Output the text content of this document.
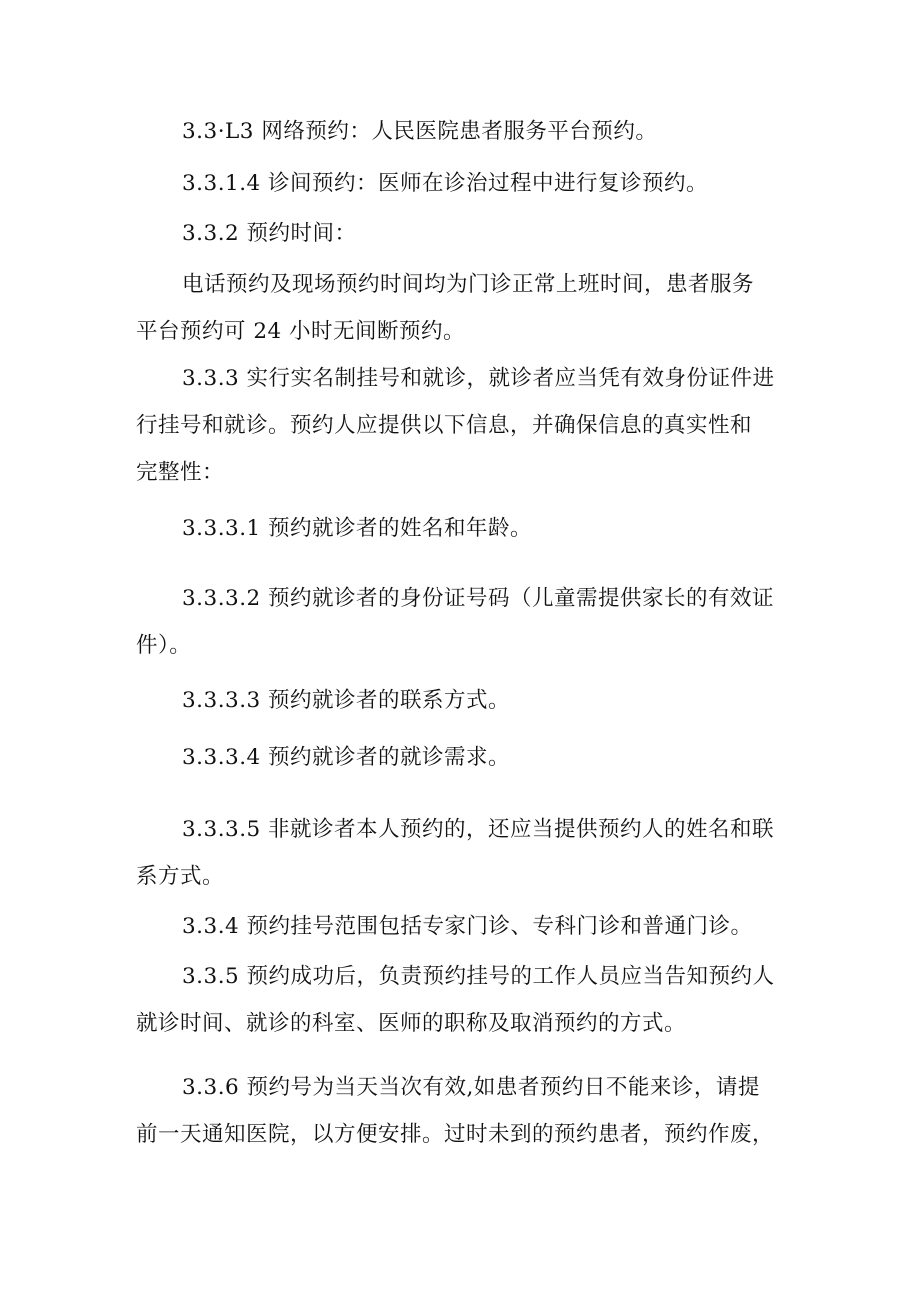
3.3·L3 网络预约：人民医院患者服务平台预约。

3.3.1.4 诊间预约：医师在诊治过程中进行复诊预约。

3.3.2 预约时间：

电话预约及现场预约时间均为门诊正常上班时间，患者服务
平台预约可 24 小时无间断预约。

3.3.3 实行实名制挂号和就诊，就诊者应当凭有效身份证件进
行挂号和就诊。预约人应提供以下信息，并确保信息的真实性和
完整性：

3.3.3.1 预约就诊者的姓名和年龄。

3.3.3.2 预约就诊者的身份证号码（儿童需提供家长的有效证
件）。

3.3.3.3 预约就诊者的联系方式。

3.3.3.4 预约就诊者的就诊需求。

3.3.3.5 非就诊者本人预约的，还应当提供预约人的姓名和联
系方式。

3.3.4 预约挂号范围包括专家门诊、专科门诊和普通门诊。

3.3.5 预约成功后，负责预约挂号的工作人员应当告知预约人
就诊时间、就诊的科室、医师的职称及取消预约的方式。

3.3.6 预约号为当天当次有效,如患者预约日不能来诊，请提
前一天通知医院，以方便安排。过时未到的预约患者，预约作废，
